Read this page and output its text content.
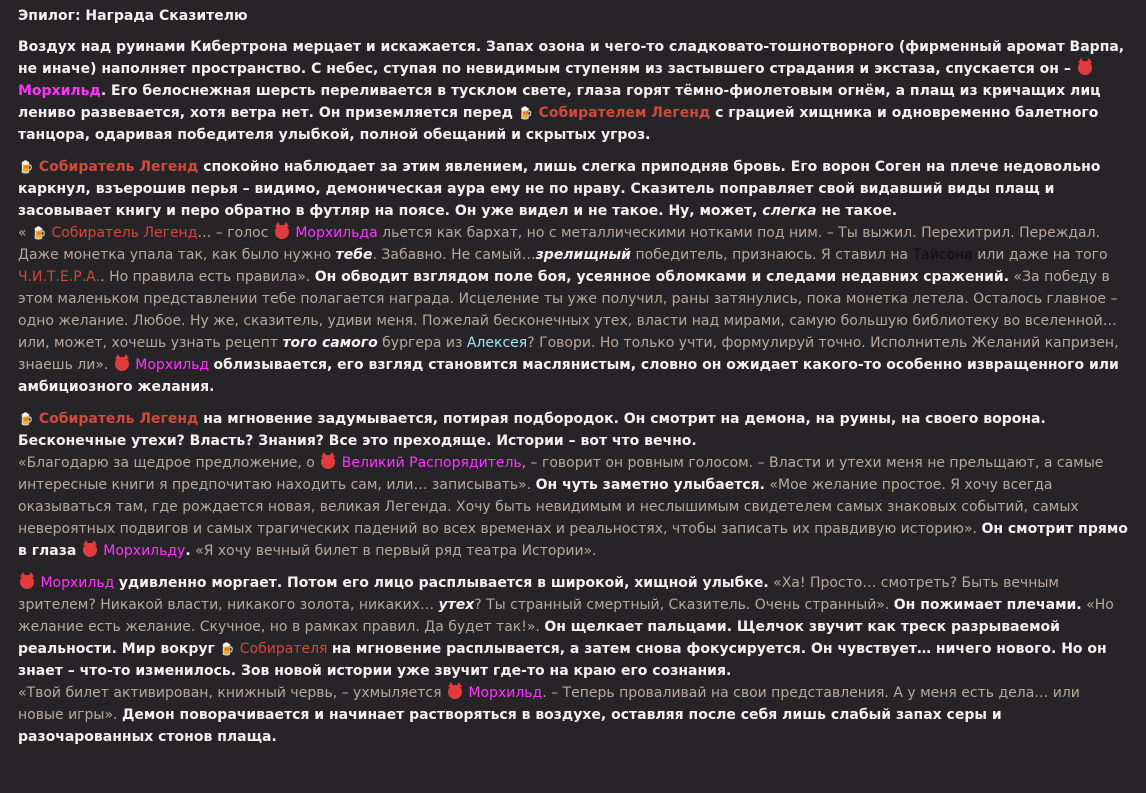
Эпилог: Награда Сказителю

Воздух над руинами Кибертрона мерцает и искажается. Запах озона и чего-то сладковато-тошнотворного (фирменный аромат Варпа, не иначе) наполняет пространство. С небес, ступая по невидимым ступеням из застывшего страдания и экстаза, спускается он –  Морхильд. Его белоснежная шерсть переливается в тусклом свете, глаза горят тёмно-фиолетовым огнём, а плащ из кричащих лиц лениво развевается, хотя ветра нет. Он приземляется перед 🍺 Собирателем Легенд с грацией хищника и одновременно балетного танцора, одаривая победителя улыбкой, полной обещаний и скрытых угроз.

🍺 Собиратель Легенд спокойно наблюдает за этим явлением, лишь слегка приподняв бровь. Его ворон Соген на плече недовольно каркнул, взъерошив перья – видимо, демоническая аура ему не по нраву. Сказитель поправляет свой видавший виды плащ и засовывает книгу и перо обратно в футляр на поясе. Он уже видел и не такое. Ну, может, слегка не такое.

« 🍺 Собиратель Легенд… – голос Морхильда льется как бархат, но с металлическими нотками под ним. – Ты выжил. Перехитрил. Переждал. Даже монетка упала так, как было нужно тебе. Забавно. Не самый…зрелищный победитель, признаюсь. Я ставил на Тайсона или даже на того Ч.И.Т.Е.Р.А.. Но правила есть правила». Он обводит взглядом поле боя, усеянное обломками и следами недавних сражений. «За победу в этом маленьком представлении тебе полагается награда. Исцеление ты уже получил, раны затянулись, пока монетка летела. Осталось главное – одно желание. Любое. Ну же, сказитель, удиви меня. Пожелай бесконечных утех, власти над мирами, самую большую библиотеку во вселенной… или, может, хочешь узнать рецепт того самого бургера из Алексея? Говори. Но только учти, формулируй точно. Исполнитель Желаний капризен, знаешь ли». Морхильд облизывается, его взгляд становится маслянистым, словно он ожидает какого-то особенно извращенного или амбициозного желания.

🍺 Собиратель Легенд на мгновение задумывается, потирая подбородок. Он смотрит на демона, на руины, на своего ворона. Бесконечные утехи? Власть? Знания? Все это преходяще. Истории – вот что вечно.

«Благодарю за щедрое предложение, о Великий Распорядитель, – говорит он ровным голосом. – Власти и утехи меня не прельщают, а самые интересные книги я предпочитаю находить сам, или… записывать». Он чуть заметно улыбается. «Мое желание простое. Я хочу всегда оказываться там, где рождается новая, великая Легенда. Хочу быть невидимым и неслышимым свидетелем самых знаковых событий, самых невероятных подвигов и самых трагических падений во всех временах и реальностях, чтобы записать их правдивую историю». Он смотрит прямо в глаза Морхильду. «Я хочу вечный билет в первый ряд театра Истории».

Морхильд удивленно моргает. Потом его лицо расплывается в широкой, хищной улыбке. «Ха! Просто… смотреть? Быть вечным зрителем? Никакой власти, никакого золота, никаких… утех? Ты странный смертный, Сказитель. Очень странный». Он пожимает плечами. «Но желание есть желание. Скучное, но в рамках правил. Да будет так!». Он щелкает пальцами. Щелчок звучит как треск разрываемой реальности. Мир вокруг 🍺 Собирателя на мгновение расплывается, а затем снова фокусируется. Он чувствует… ничего нового. Но он знает – что-то изменилось. Зов новой истории уже звучит где-то на краю его сознания.

«Твой билет активирован, книжный червь, – ухмыляется Морхильд. – Теперь проваливай на свои представления. А у меня есть дела… или новые игры». Демон поворачивается и начинает растворяться в воздухе, оставляя после себя лишь слабый запах серы и разочарованных стонов плаща.
